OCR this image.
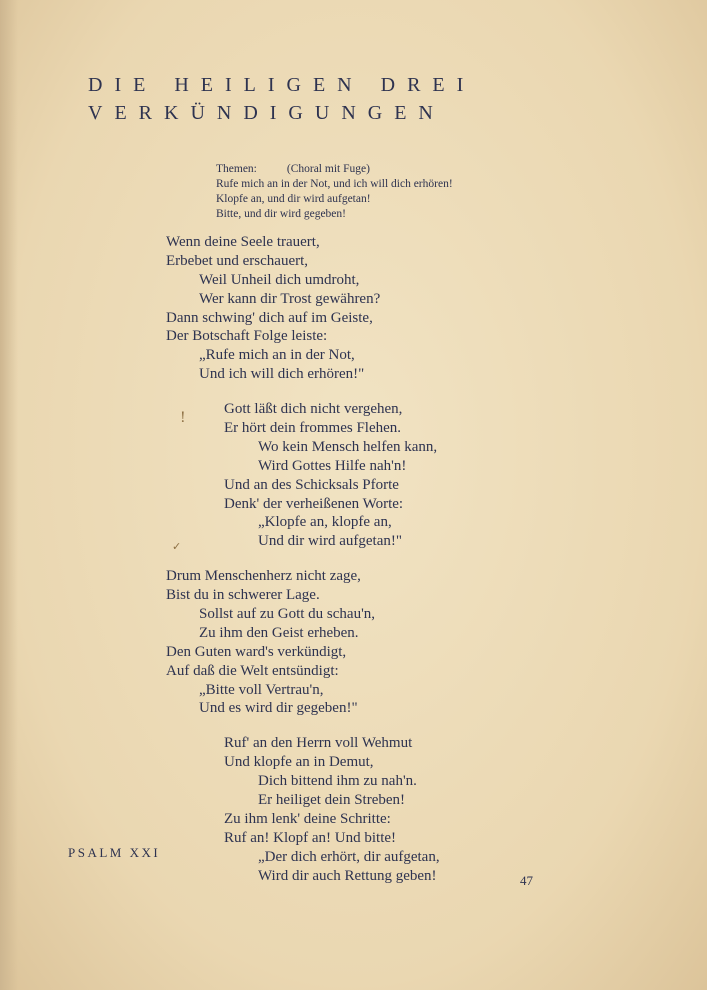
DIE HEILIGEN DREI
VERKÜNDIGUNGEN
Themen:	(Choral mit Fuge)
Rufe mich an in der Not, und ich will dich erhören!
Klopfe an, und dir wird aufgetan!
Bitte, und dir wird gegeben!
Wenn deine Seele trauert,
Erbebet und erschauert,
Weil Unheil dich umdroht,
Wer kann dir Trost gewähren?
Dann schwing' dich auf im Geiste,
Der Botschaft Folge leiste:
„Rufe mich an in der Not,
Und ich will dich erhören!"
Gott läßt dich nicht vergehen,
Er hört dein frommes Flehen.
Wo kein Mensch helfen kann,
Wird Gottes Hilfe nah'n!
Und an des Schicksals Pforte
Denk' der verheißenen Worte:
„Klopfe an, klopfe an,
Und dir wird aufgetan!"
Drum Menschenherz nicht zage,
Bist du in schwerer Lage.
Sollst auf zu Gott du schau'n,
Zu ihm den Geist erheben.
Den Guten ward's verkündigt,
Auf daß die Welt entsündigt:
„Bitte voll Vertrau'n,
Und es wird dir gegeben!"
Ruf' an den Herrn voll Wehmut
Und klopfe an in Demut,
Dich bittend ihm zu nah'n.
Er heiliget dein Streben!
Zu ihm lenk' deine Schritte:
Ruf an! Klopf an! Und bitte!
„Der dich erhört, dir aufgetan,
Wird dir auch Rettung geben!
PSALM XXI
47
!
✓
